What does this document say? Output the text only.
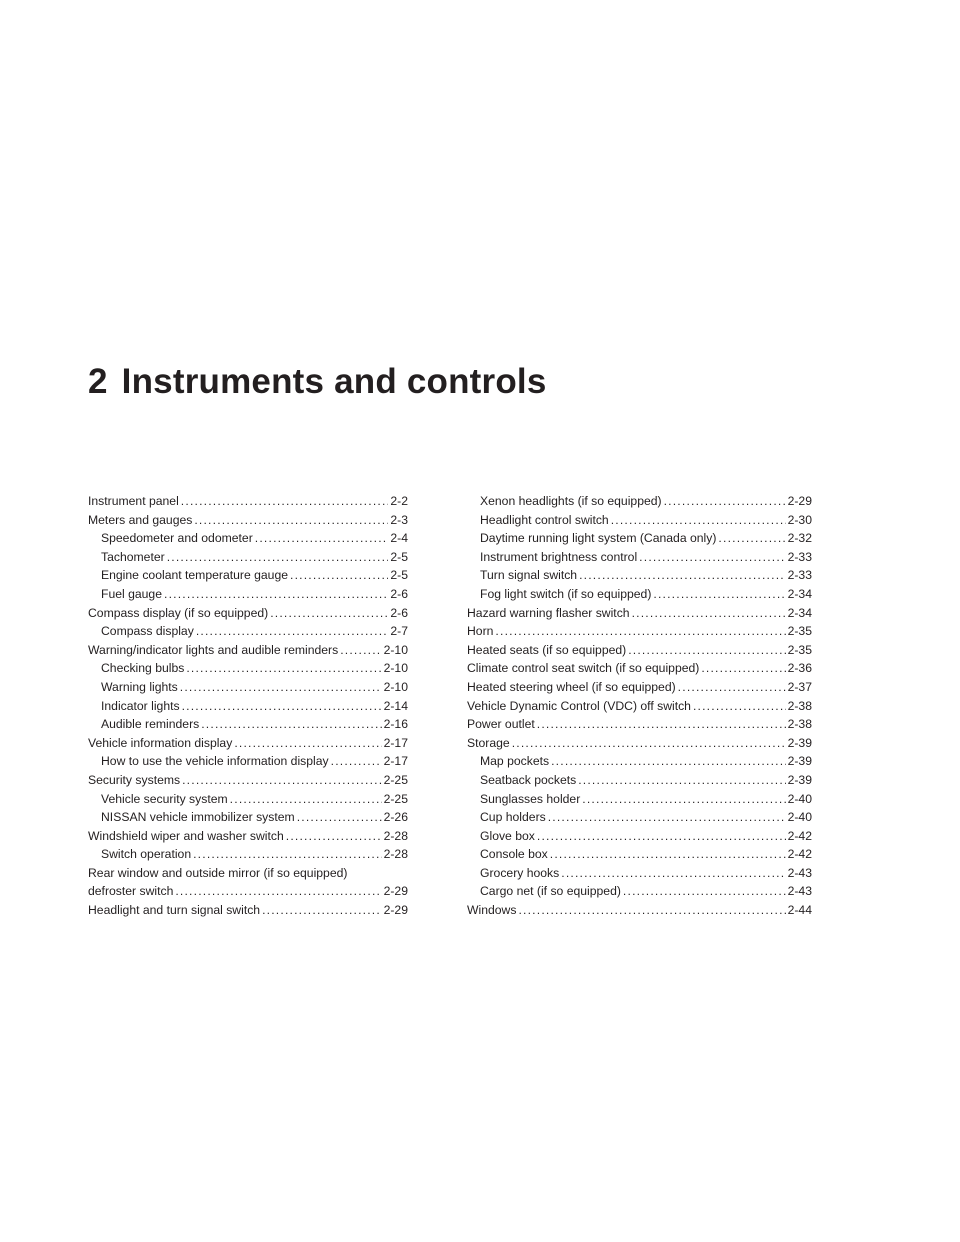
2 Instruments and controls
Instrument panel . . .	2-2
Meters and gauges . . .	2-3
Speedometer and odometer . . .	2-4
Tachometer . . .	2-5
Engine coolant temperature gauge . . .	2-5
Fuel gauge . . .	2-6
Compass display (if so equipped) . . .	2-6
Compass display . . .	2-7
Warning/indicator lights and audible reminders . . .	2-10
Checking bulbs . . .	2-10
Warning lights . . .	2-10
Indicator lights . . .	2-14
Audible reminders . . .	2-16
Vehicle information display . . .	2-17
How to use the vehicle information display . . .	2-17
Security systems . . .	2-25
Vehicle security system . . .	2-25
NISSAN vehicle immobilizer system . . .	2-26
Windshield wiper and washer switch . . .	2-28
Switch operation . . .	2-28
Rear window and outside mirror (if so equipped)
defroster switch . . .	2-29
Headlight and turn signal switch . . .	2-29
Xenon headlights (if so equipped) . . .	2-29
Headlight control switch . . .	2-30
Daytime running light system (Canada only) . . .	2-32
Instrument brightness control . . .	2-33
Turn signal switch . . .	2-33
Fog light switch (if so equipped) . . .	2-34
Hazard warning flasher switch . . .	2-34
Horn . . .	2-35
Heated seats (if so equipped) . . .	2-35
Climate control seat switch (if so equipped) . . .	2-36
Heated steering wheel (if so equipped) . . .	2-37
Vehicle Dynamic Control (VDC) off switch . . .	2-38
Power outlet . . .	2-38
Storage . . .	2-39
Map pockets . . .	2-39
Seatback pockets . . .	2-39
Sunglasses holder . . .	2-40
Cup holders . . .	2-40
Glove box . . .	2-42
Console box . . .	2-42
Grocery hooks . . .	2-43
Cargo net (if so equipped) . . .	2-43
Windows . . .	2-44
